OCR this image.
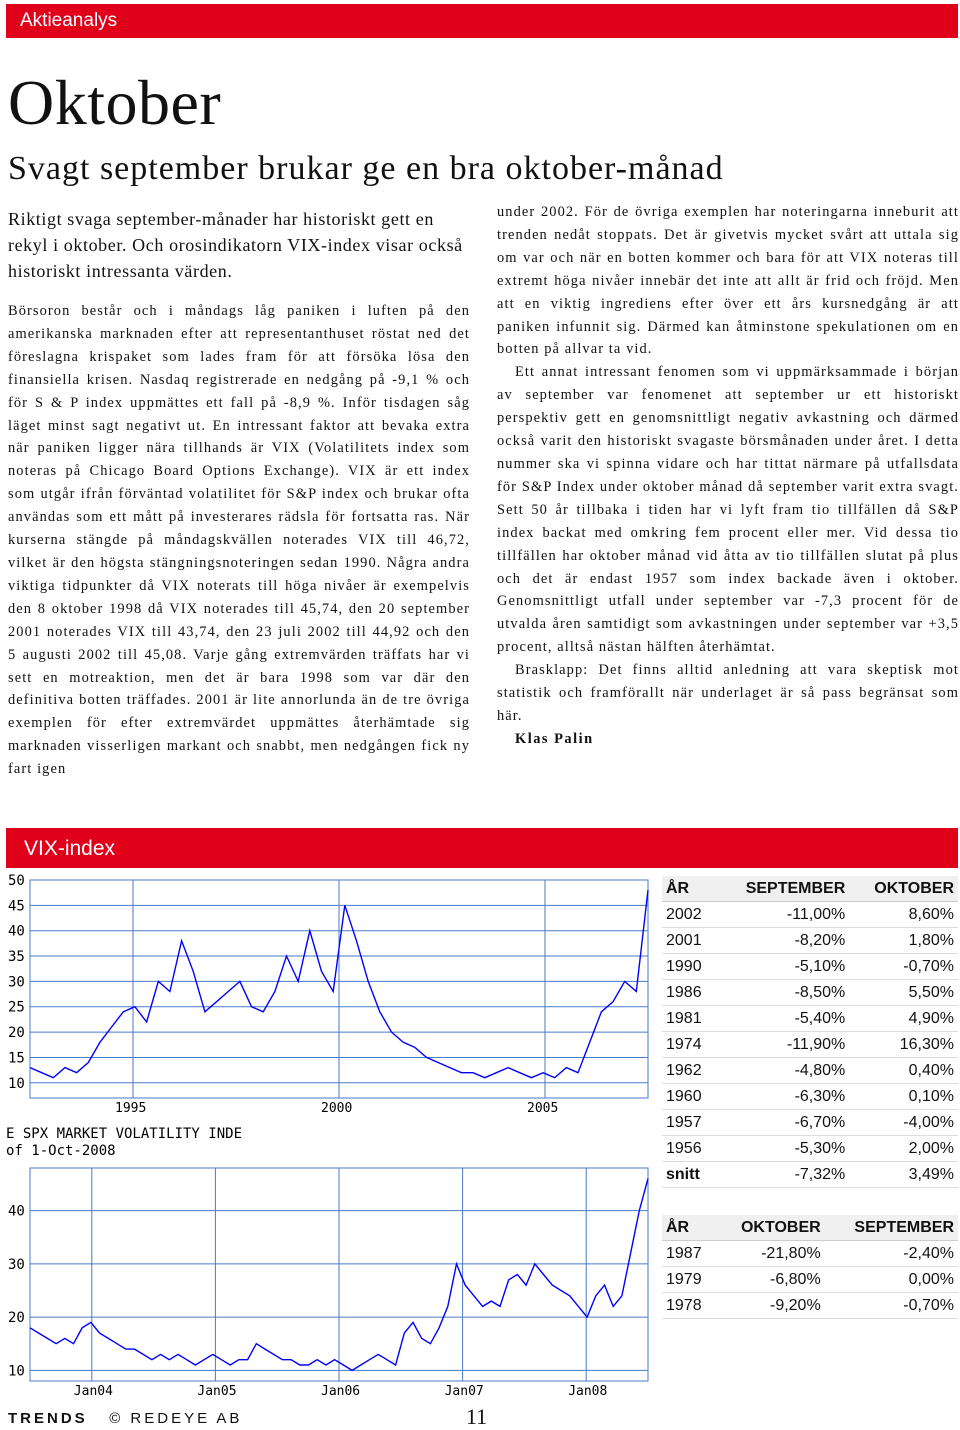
Aktieanalys
Oktober
Svagt september brukar ge en bra oktober-månad
Riktigt svaga september-månader har historiskt gett en rekyl i oktober. Och orosindikatorn VIX-index visar också historiskt intressanta värden.

Börsoron består och i måndags låg paniken i luften på den amerikanska marknaden efter att representanthuset röstat ned det föreslagna krispaket som lades fram för att försöka lösa den finansiella krisen. Nasdaq registrerade en nedgång på -9,1 % och för S & P index uppmättes ett fall på -8,9 %. Inför tisdagen såg läget minst sagt negativt ut. En intressant faktor att bevaka extra när paniken ligger nära tillhands är VIX (Volatilitets index som noteras på Chicago Board Options Exchange). VIX är ett index som utgår ifrån förväntad volatilitet för S&P index och brukar ofta användas som ett mått på investerares rädsla för fortsatta ras. När kurserna stängde på måndagskvällen noterades VIX till 46,72, vilket är den högsta stängningsnoteringen sedan 1990. Några andra viktiga tidpunkter då VIX noterats till höga nivåer är exempelvis den 8 oktober 1998 då VIX noterades till 45,74, den 20 september 2001 noterades VIX till 43,74, den 23 juli 2002 till 44,92 och den 5 augusti 2002 till 45,08. Varje gång extremvärden träffats har vi sett en motreaktion, men det är bara 1998 som var där den definitiva botten träffades. 2001 är lite annorlunda än de tre övriga exemplen för efter extremvärdet uppmättes återhämtade sig marknaden visserligen markant och snabbt, men nedgången fick ny fart igen

under 2002. För de övriga exemplen har noteringarna inneburit att trenden nedåt stoppats. Det är givetvis mycket svårt att uttala sig om var och när en botten kommer och bara för att VIX noteras till extremt höga nivåer innebär det inte att allt är frid och fröjd. Men att en viktig ingrediens efter över ett års kursnedgång är att paniken infunnit sig. Därmed kan åtminstone spekulationen om en botten på allvar ta vid.

Ett annat intressant fenomen som vi uppmärksammade i början av september var fenomenet att september ur ett historiskt perspektiv gett en genomsnittligt negativ avkastning och därmed också varit den historiskt svagaste börsmånaden under året. I detta nummer ska vi spinna vidare och har tittat närmare på utfallsdata för S&P Index under oktober månad då september varit extra svagt. Sett 50 år tillbaka i tiden har vi lyft fram tio tillfällen då S&P index backat med omkring fem procent eller mer. Vid dessa tio tillfällen har oktober månad vid åtta av tio tillfällen slutat på plus och det är endast 1957 som index backade även i oktober. Genomsnittligt utfall under september var -7,3 procent för de utvalda åren samtidigt som avkastningen under september var +3,5 procent, alltså nästan hälften återhämtat.

Brasklapp: Det finns alltid anledning att vara skeptisk mot statistik och framförallt när underlaget är så pass begränsat som här.

Klas Palin

VIX-index
10
15
20
25
30
35
40
45
50
1995	2000	2005
10
20
30
40
Jan04	Jan05	Jan06	Jan07	Jan08
E SPX MARKET VOLATILITY INDE
of 1-Oct-2008
ÅR	SEPTEMBER	OKTOBER
2002	-11,00%	8,60%
2001	-8,20%	1,80%
1990	-5,10%	-0,70%
1986	-8,50%	5,50%
1981	-5,40%	4,90%
1974	-11,90%	16,30%
1962	-4,80%	0,40%
1960	-6,30%	0,10%
1957	-6,70%	-4,00%
1956	-5,30%	2,00%
snitt	-7,32%	3,49%
ÅR	OKTOBER	SEPTEMBER
1987	-21,80%	-2,40%
1979	-6,80%	0,00%
1978	-9,20%	-0,70%
TRENDS © REDEYE AB	11
